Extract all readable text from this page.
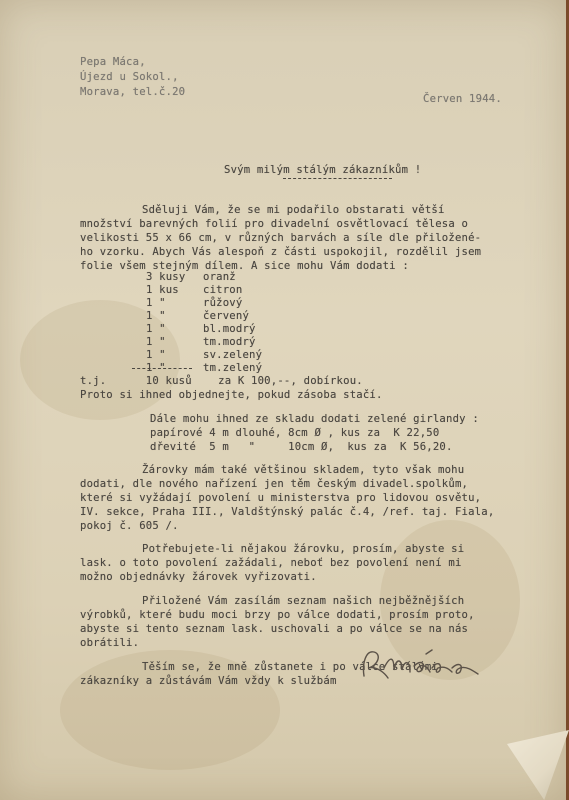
Pepa Máca,
Újezd u Sokol.,
Morava, tel.č.20
Červen 1944.
Svým milým stálým zákazníkům !
Sděluji Vám, že se mi podařilo obstarati větší
množství barevných folií pro divadelní osvětlovací tělesa o
velikosti 55 x 66 cm, v různých barvách a síle dle přiložené-
ho vzorku. Abych Vás alespoň z části uspokojil, rozdělil jsem
folie všem stejným dílem. A sice mohu Vám dodati :
3 kusy oranž
1 kus citron
1 "	růžový
1 "	červený
1 "	bl.modrý
1 "	tm.modrý
1 "	sv.zelený
1 "	tm.zelený
t.j.      10 kusů    za K 100,--, dobírkou.
Proto si ihned objednejte, pokud zásoba stačí.
Dále mohu ihned ze skladu dodati zelené girlandy :
papírové 4 m dlouhé, 8cm Ø , kus za  K 22,50
dřevité  5 m   "     10cm Ø,  kus za  K 56,20.
Žárovky mám také většinou skladem, tyto však mohu
dodati, dle nového nařízení jen těm českým divadel.spolkům,
které si vyžádají povolení u ministerstva pro lidovou osvětu,
IV. sekce, Praha III., Valdštýnský palác č.4, /ref. taj. Fiala,
pokoj č. 605 /.
Potřebujete-li nějakou žárovku, prosím, abyste si
lask. o toto povolení zažádali, neboť bez povolení není mi
možno objednávky žárovek vyřizovati.
Přiložené Vám zasílám seznam našich nejběžnějších
výrobků, které budu moci brzy po válce dodati, prosím proto,
abyste si tento seznam lask. uschovali a po válce se na nás
obrátili.
Těším se, že mně zůstanete i po válce stálými
zákazníky a zůstávám Vám vždy k službám
